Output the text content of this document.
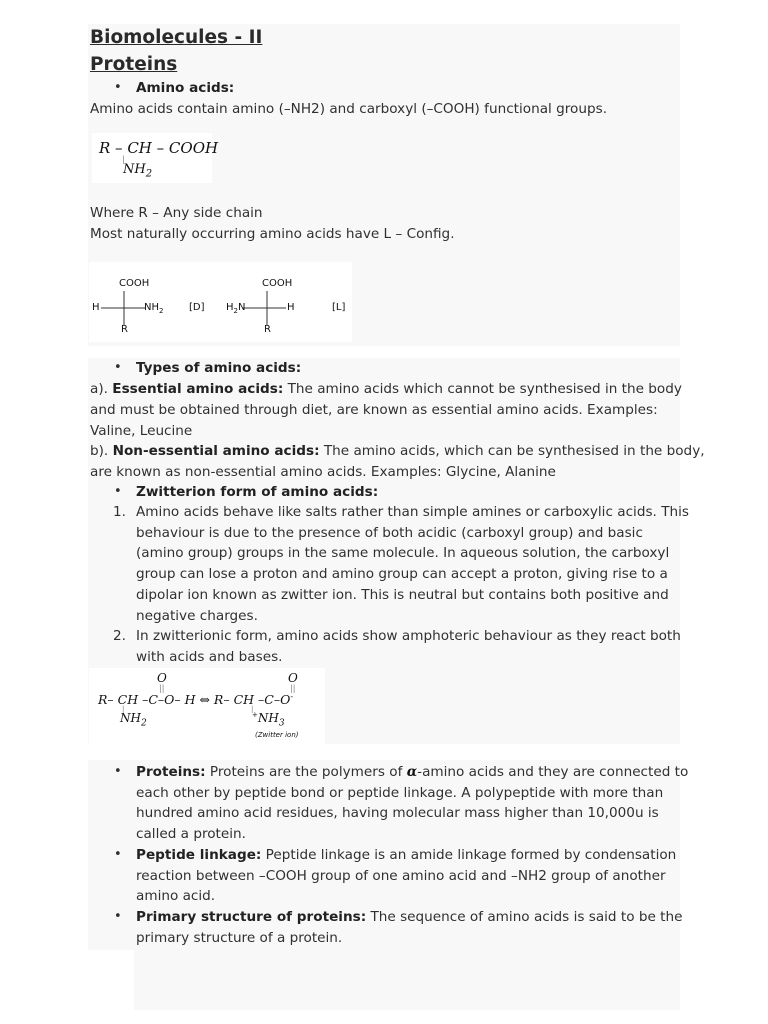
Biomolecules - II
Proteins
• Amino acids:
Amino acids contain amino (–NH2) and carboxyl (–COOH) functional groups.
R – CH – COOH
|
$NH_2$
Where R – Any side chain
Most naturally occurring amino acids have L – Config.
COOH
H	$NH_2$
R
[D]
COOH
$H_2N$	H
R
[L]
• Types of amino acids:
a). Essential amino acids: The amino acids which cannot be synthesised in the body
and must be obtained through diet, are known as essential amino acids. Examples:
Valine, Leucine
b). Non-essential amino acids: The amino acids, which can be synthesised in the body,
are known as non-essential amino acids. Examples: Glycine, Alanine
• Zwitterion form of amino acids:
1. Amino acids behave like salts rather than simple amines or carboxylic acids. This
behaviour is due to the presence of both acidic (carboxyl group) and basic
(amino group) groups in the same molecule. In aqueous solution, the carboxyl
group can lose a proton and amino group can accept a proton, giving rise to a
dipolar ion known as zwitter ion. This is neutral but contains both positive and
negative charges.
2. In zwitterionic form, amino acids show amphoteric behaviour as they react both
with acids and bases.
O	O
||	||
R– CH –C–O– H ⇔ R– CH –C–O-
|	|
$NH_2$
$^+NH_3$
(Zwitter ion)
• Proteins: Proteins are the polymers of α-amino acids and they are connected to
each other by peptide bond or peptide linkage. A polypeptide with more than
hundred amino acid residues, having molecular mass higher than 10,000u is
called a protein.
• Peptide linkage: Peptide linkage is an amide linkage formed by condensation
reaction between –COOH group of one amino acid and –NH2 group of another
amino acid.
• Primary structure of proteins: The sequence of amino acids is said to be the
primary structure of a protein.
